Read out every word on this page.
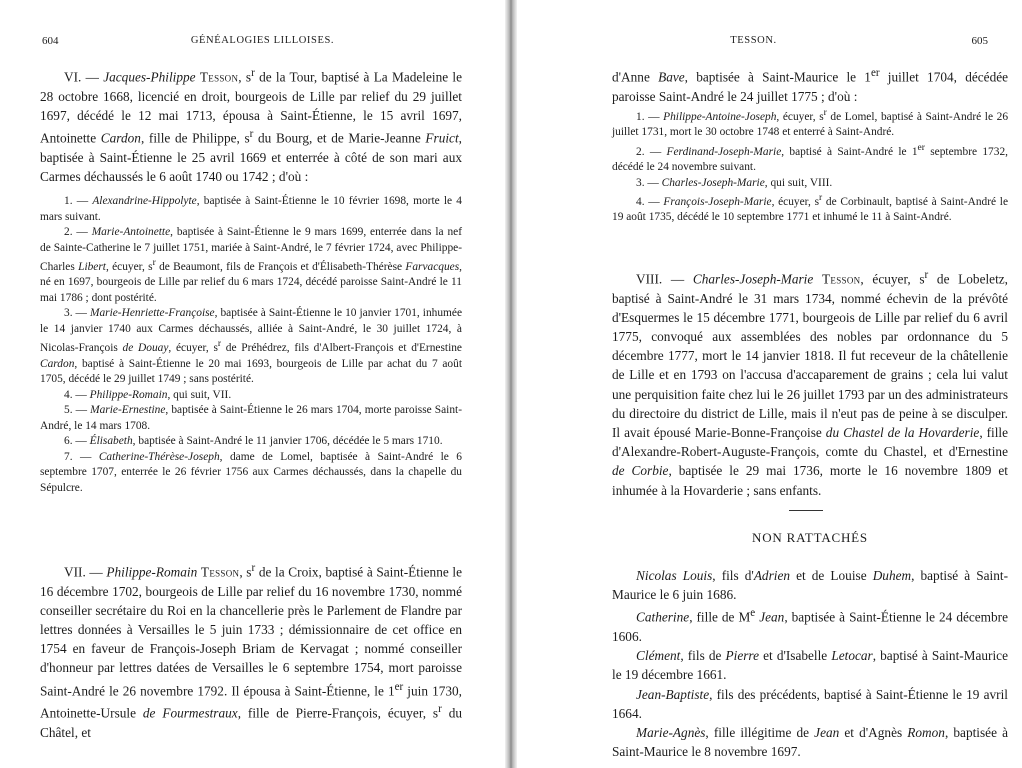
604	GÉNÉALOGIES LILLOISES.

VI. — Jacques-Philippe Tesson, $s^r$ de la Tour, baptisé à La Madeleine le 28 octobre 1668, licencié en droit, bourgeois de Lille par relief du 29 juillet 1697, décédé le 12 mai 1713, épousa à Saint-Étienne, le 15 avril 1697, Antoinette Cardon, fille de Philippe, $s^r$ du Bourg, et de Marie-Jeanne Fruict, baptisée à Saint-Étienne le 25 avril 1669 et enterrée à côté de son mari aux Carmes déchaussés le 6 août 1740 ou 1742 ; d'où :

1. — Alexandrine-Hippolyte, baptisée à Saint-Étienne le 10 février 1698, morte le 4 mars suivant.

2. — Marie-Antoinette, baptisée à Saint-Étienne le 9 mars 1699, enterrée dans la nef de Sainte-Catherine le 7 juillet 1751, mariée à Saint-André, le 7 février 1724, avec Philippe-Charles Libert, écuyer, $s^r$ de Beaumont, fils de François et d'Élisabeth-Thérèse Farvacques, né en 1697, bourgeois de Lille par relief du 6 mars 1724, décédé paroisse Saint-André le 11 mai 1786 ; dont postérité.

3. — Marie-Henriette-Françoise, baptisée à Saint-Étienne le 10 janvier 1701, inhumée le 14 janvier 1740 aux Carmes déchaussés, alliée à Saint-André, le 30 juillet 1724, à Nicolas-François de Douay, écuyer, $s^r$ de Préhédrez, fils d'Albert-François et d'Ernestine Cardon, baptisé à Saint-Étienne le 20 mai 1693, bourgeois de Lille par achat du 7 août 1705, décédé le 29 juillet 1749 ; sans postérité.

4. — Philippe-Romain, qui suit, VII.

5. — Marie-Ernestine, baptisée à Saint-Étienne le 26 mars 1704, morte paroisse Saint-André, le 14 mars 1708.

6. — Élisabeth, baptisée à Saint-André le 11 janvier 1706, décédée le 5 mars 1710.

7. — Catherine-Thérèse-Joseph, dame de Lomel, baptisée à Saint-André le 6 septembre 1707, enterrée le 26 février 1756 aux Carmes déchaussés, dans la chapelle du Sépulcre.

VII. — Philippe-Romain Tesson, $s^r$ de la Croix, baptisé à Saint-Étienne le 16 décembre 1702, bourgeois de Lille par relief du 16 novembre 1730, nommé conseiller secrétaire du Roi en la chancellerie près le Parlement de Flandre par lettres données à Versailles le 5 juin 1733 ; démissionnaire de cet office en 1754 en faveur de François-Joseph Briam de Kervagat ; nommé conseiller d'honneur par lettres datées de Versailles le 6 septembre 1754, mort paroisse Saint-André le 26 novembre 1792. Il épousa à Saint-Étienne, le 1er juin 1730, Antoinette-Ursule de Fourmestraux, fille de Pierre-François, écuyer, $s^r$ du Châtel, et

TESSON.	605

d'Anne Bave, baptisée à Saint-Maurice le 1er juillet 1704, décédée paroisse Saint-André le 24 juillet 1775 ; d'où :

1. — Philippe-Antoine-Joseph, écuyer, $s^r$ de Lomel, baptisé à Saint-André le 26 juillet 1731, mort le 30 octobre 1748 et enterré à Saint-André.

2. — Ferdinand-Joseph-Marie, baptisé à Saint-André le 1er septembre 1732, décédé le 24 novembre suivant.

3. — Charles-Joseph-Marie, qui suit, VIII.

4. — François-Joseph-Marie, écuyer, $s^r$ de Corbinault, baptisé à Saint-André le 19 août 1735, décédé le 10 septembre 1771 et inhumé le 11 à Saint-André.

VIII. — Charles-Joseph-Marie Tesson, écuyer, $s^r$ de Lobeletz, baptisé à Saint-André le 31 mars 1734, nommé échevin de la prévôté d'Esquermes le 15 décembre 1771, bourgeois de Lille par relief du 6 avril 1775, convoqué aux assemblées des nobles par ordonnance du 5 décembre 1777, mort le 14 janvier 1818. Il fut receveur de la châtellenie de Lille et en 1793 on l'accusa d'accaparement de grains ; cela lui valut une perquisition faite chez lui le 26 juillet 1793 par un des administrateurs du directoire du district de Lille, mais il n'eut pas de peine à se disculper. Il avait épousé Marie-Bonne-Françoise du Chastel de la Hovarderie, fille d'Alexandre-Robert-Auguste-François, comte du Chastel, et d'Ernestine de Corbie, baptisée le 29 mai 1736, morte le 16 novembre 1809 et inhumée à la Hovarderie ; sans enfants.

NON RATTACHÉS

Nicolas Louis, fils d'Adrien et de Louise Duhem, baptisé à Saint-Maurice le 6 juin 1686.

Catherine, fille de Me Jean, baptisée à Saint-Étienne le 24 décembre 1606.

Clément, fils de Pierre et d'Isabelle Letocar, baptisé à Saint-Maurice le 19 décembre 1661.

Jean-Baptiste, fils des précédents, baptisé à Saint-Étienne le 19 avril 1664.

Marie-Agnès, fille illégitime de Jean et d'Agnès Romon, baptisée à Saint-Maurice le 8 novembre 1697.
